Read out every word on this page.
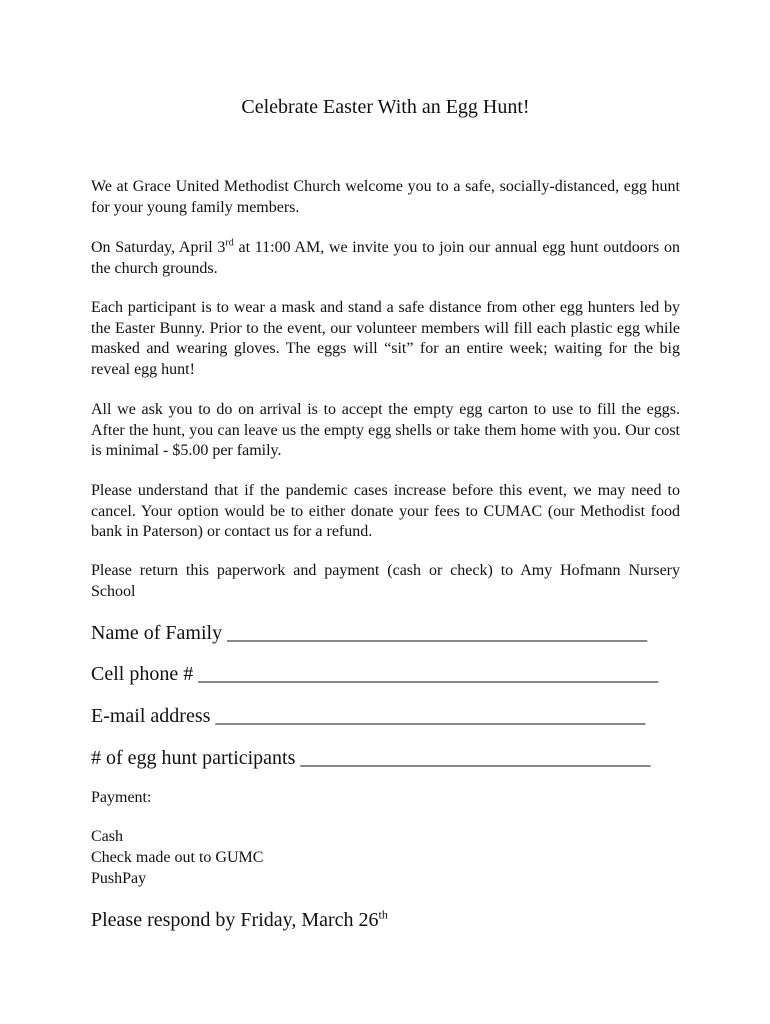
Celebrate Easter With an Egg Hunt!

We at Grace United Methodist Church welcome you to a safe, socially-distanced, egg hunt for your young family members.

On Saturday, April 3rd at 11:00 AM, we invite you to join our annual egg hunt outdoors on the church grounds.

Each participant is to wear a mask and stand a safe distance from other egg hunters led by the Easter Bunny. Prior to the event, our volunteer members will fill each plastic egg while masked and wearing gloves. The eggs will “sit” for an entire week; waiting for the big reveal egg hunt!

All we ask you to do on arrival is to accept the empty egg carton to use to fill the eggs. After the hunt, you can leave us the empty egg shells or take them home with you. Our cost is minimal - $5.00 per family.

Please understand that if the pandemic cases increase before this event, we may need to cancel. Your option would be to either donate your fees to CUMAC (our Methodist food bank in Paterson) or contact us for a refund.

Please return this paperwork and payment (cash or check) to Amy Hofmann Nursery School

Name of Family __________________________________________

Cell phone # ______________________________________________

E-mail address ___________________________________________

# of egg hunt participants ___________________________________

Payment:

Cash
Check made out to GUMC
PushPay

Please respond by Friday, March 26th
